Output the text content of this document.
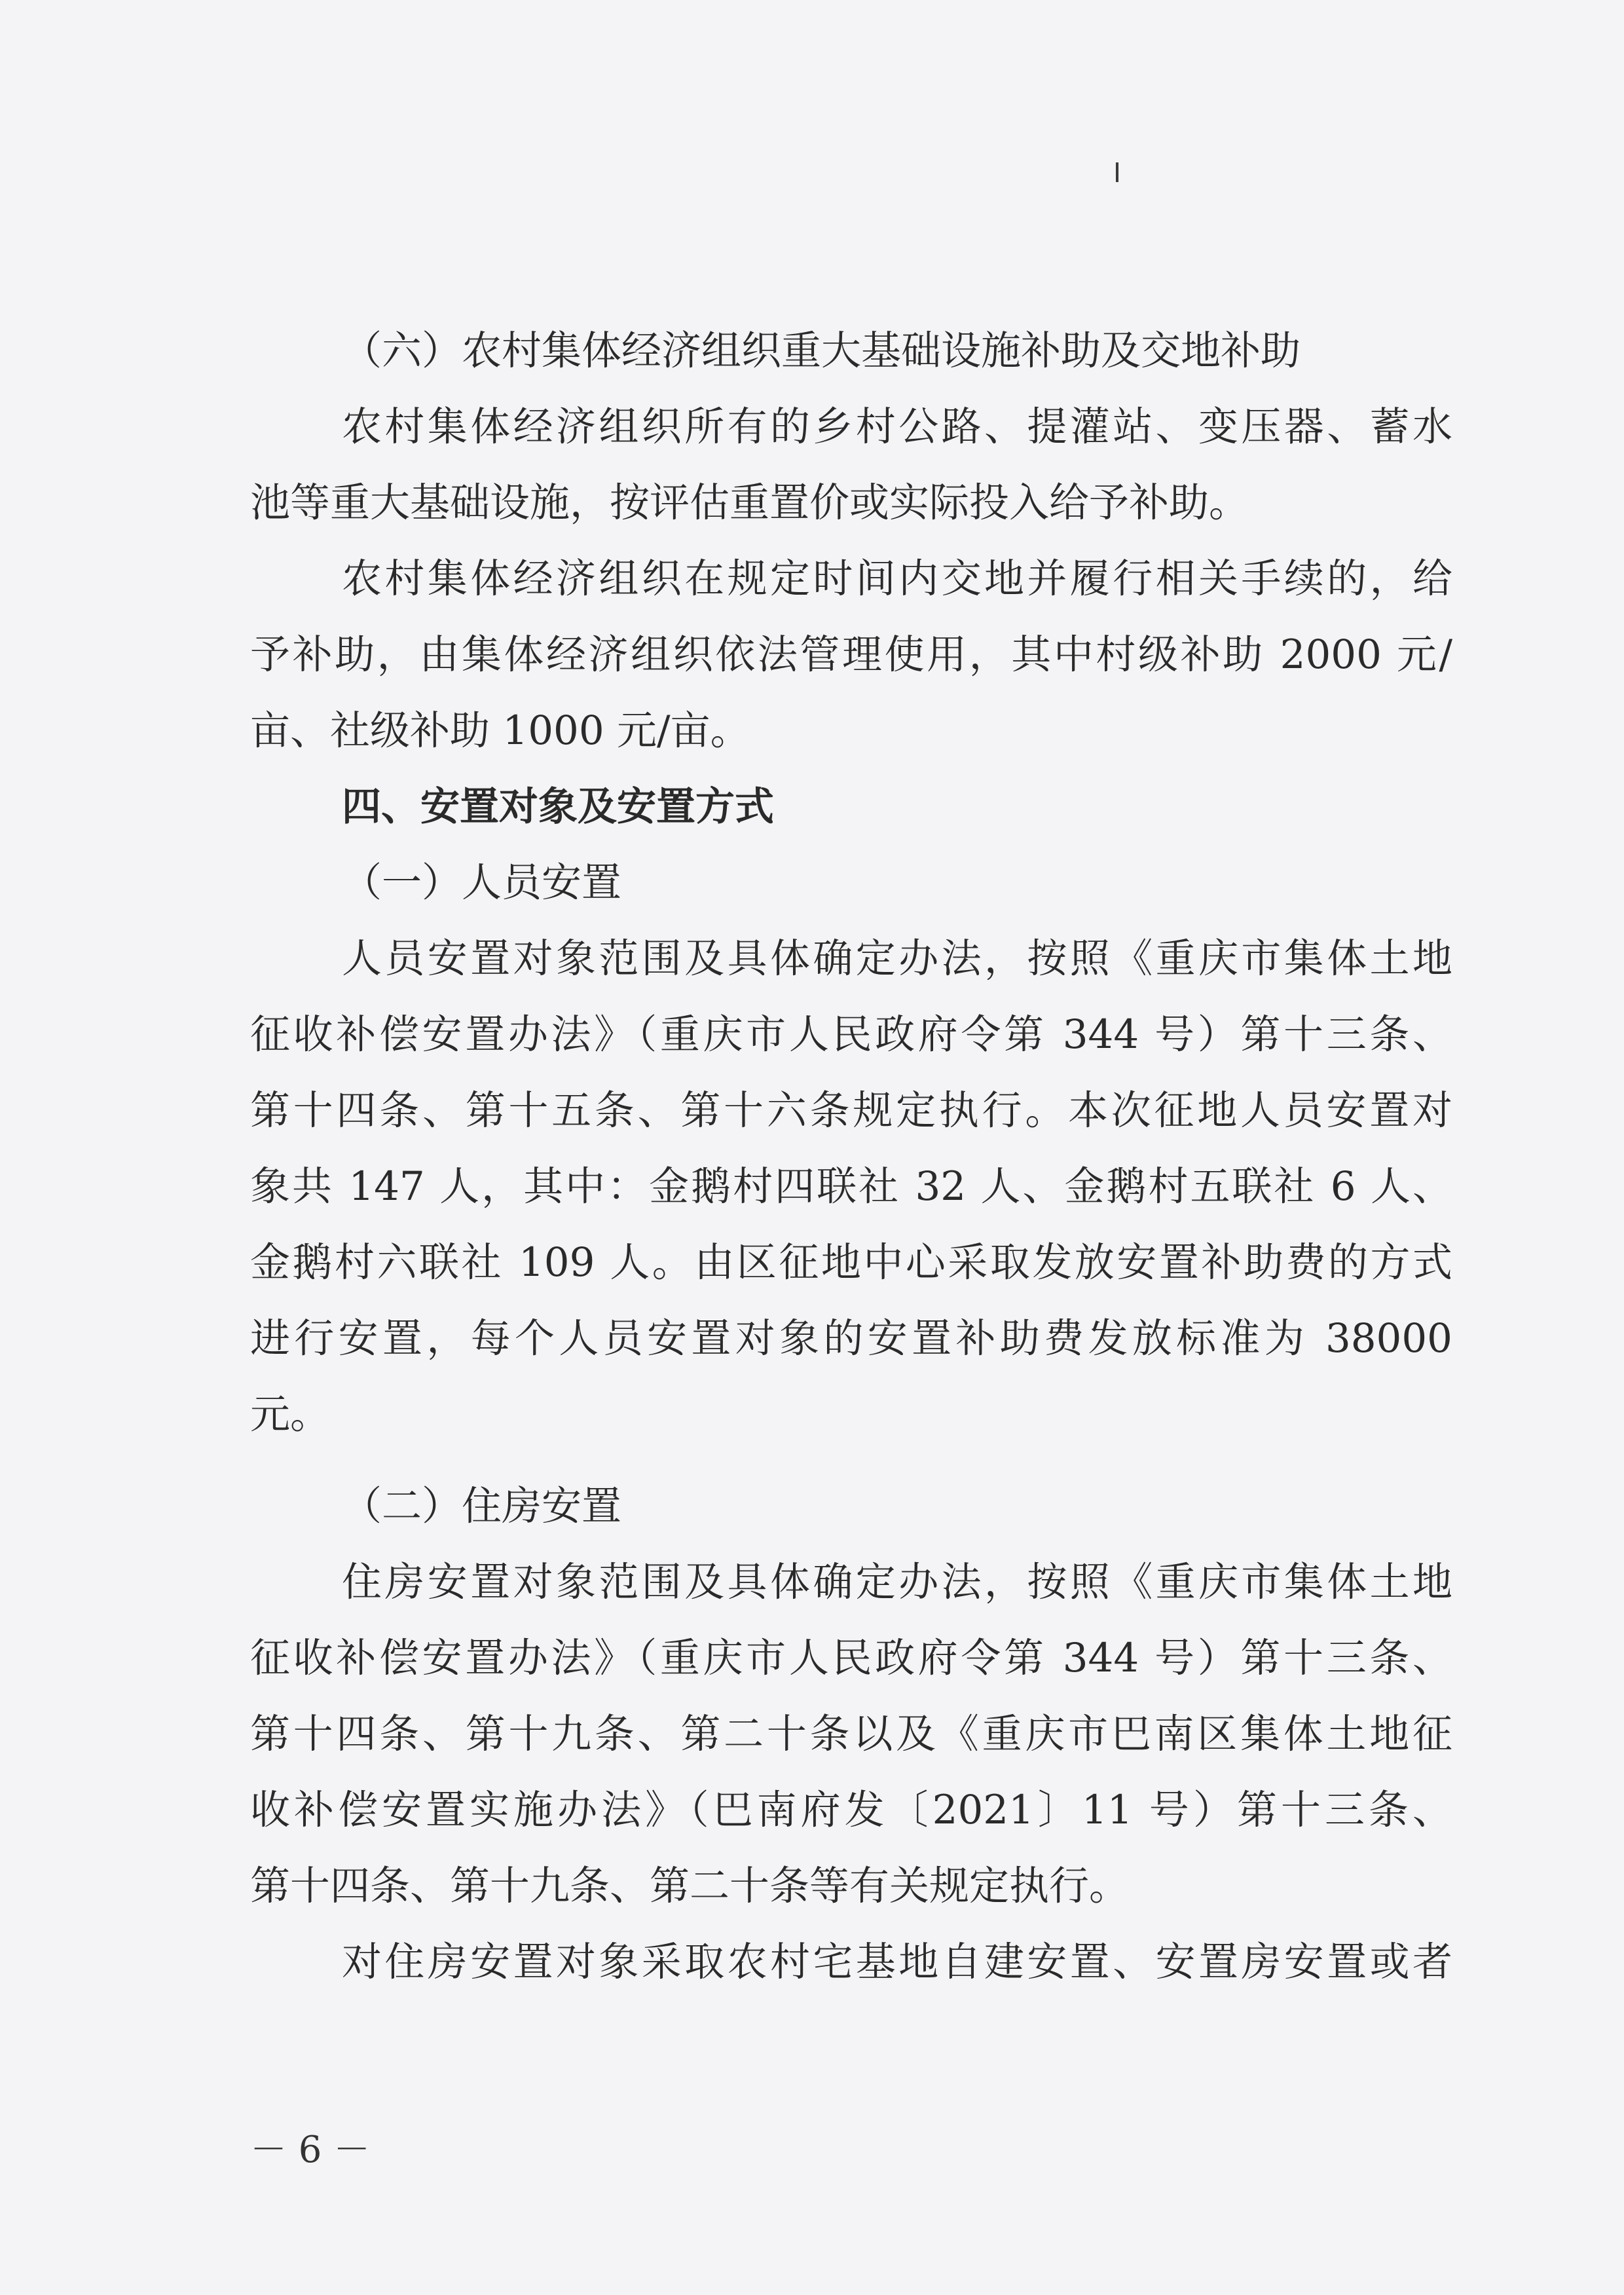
（六）农村集体经济组织重大基础设施补助及交地补助
农村集体经济组织所有的乡村公路、提灌站、变压器、蓄水
池等重大基础设施，按评估重置价或实际投入给予补助。
农村集体经济组织在规定时间内交地并履行相关手续的，给
予补助，由集体经济组织依法管理使用，其中村级补助 2000 元/
亩、社级补助 1000 元/亩。
四、安置对象及安置方式
（一）人员安置
人员安置对象范围及具体确定办法，按照《重庆市集体土地
征收补偿安置办法》（重庆市人民政府令第 344 号）第十三条、
第十四条、第十五条、第十六条规定执行。本次征地人员安置对
象共 147 人，其中：金鹅村四联社 32 人、金鹅村五联社 6 人、
金鹅村六联社 109 人。由区征地中心采取发放安置补助费的方式
进行安置，每个人员安置对象的安置补助费发放标准为 38000
元。
（二）住房安置
住房安置对象范围及具体确定办法，按照《重庆市集体土地
征收补偿安置办法》（重庆市人民政府令第 344 号）第十三条、
第十四条、第十九条、第二十条以及《重庆市巴南区集体土地征
收补偿安置实施办法》（巴南府发〔2021〕11 号）第十三条、
第十四条、第十九条、第二十条等有关规定执行。
对住房安置对象采取农村宅基地自建安置、安置房安置或者
－ 6 －
